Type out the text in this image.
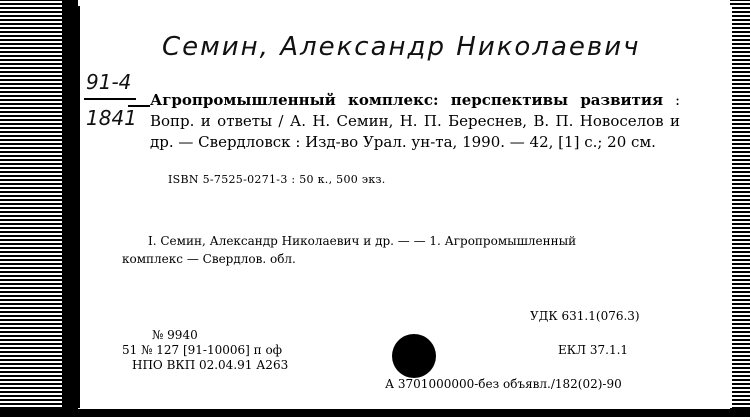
Семин, Александр Николаевич
91-4
1841
Агропромышленный комплекс: перспективы развития : Вопр. и ответы / А. Н. Семин, Н. П. Береснев, В. П. Новоселов и др. — Свердловск : Изд-во Урал. ун-та, 1990. — 42, [1] с.; 20 см.
ISBN 5-7525-0271-3 : 50 к., 500 экз.
I. Семин, Александр Николаевич и др. — — 1. Агропромышленный
комплекс — Свердлов. обл.
УДК 631.1(076.3)
ЕКЛ 37.1.1
№ 9940
51 № 127 [91-10006] п оф
НПО ВКП 02.04.91 А263
А 3701000000-без объявл./182(02)-90
